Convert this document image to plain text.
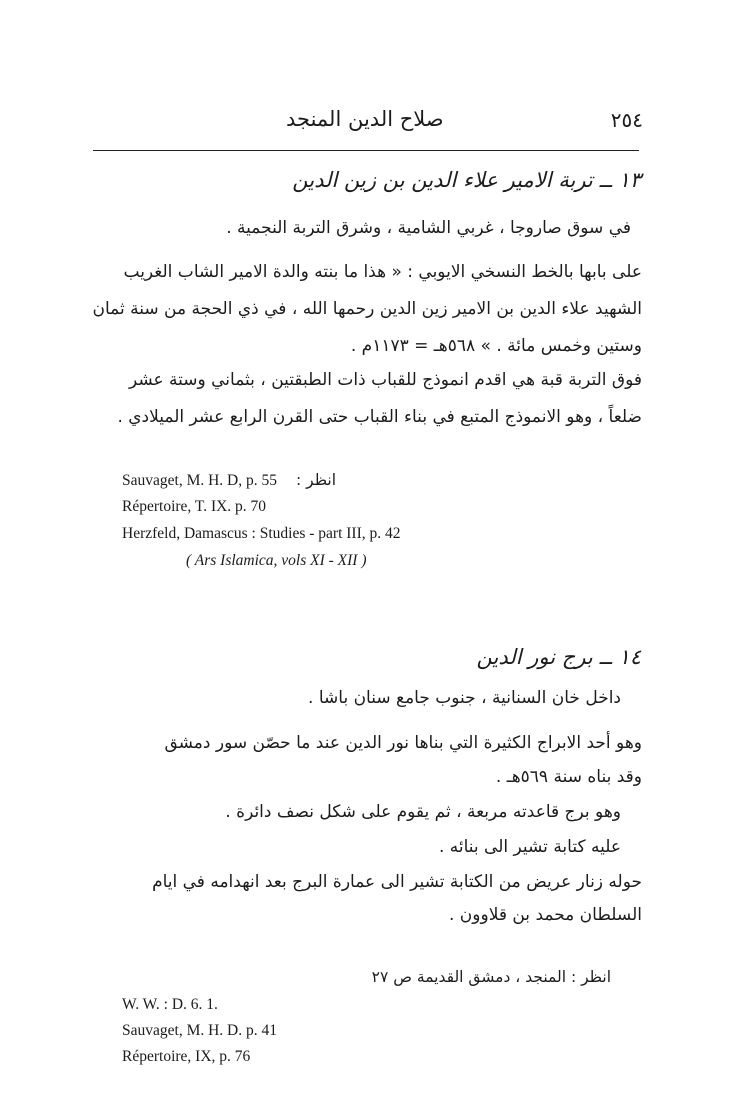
٢٥٤
صلاح الدين المنجد
١٣ ــ تربة الامير علاء الدين بن زين الدين
في سوق صاروجا ، غربي الشامية ، وشرق التربة النجمية .
على بابها بالخط النسخي الايوبي : « هذا ما بنته والدة الامير الشاب الغريب
الشهيد علاء الدين بن الامير زين الدين رحمها الله ، في ذي الحجة من سنة ثمان
وستين وخمس مائة . » ٥٦٨هـ = ١١٧٣م .
فوق التربة قبة هي اقدم انموذج للقباب ذات الطبقتين ، بثماني وستة عشر
ضلعاً ، وهو الانموذج المتبع في بناء القباب حتى القرن الرابع عشر الميلادي .
انظر :
Sauvaget, M. H. D, p. 55
Répertoire, T. IX. p. 70
Herzfeld, Damascus : Studies - part III, p. 42
( Ars Islamica, vols XI - XII )
١٤ ــ برج نور الدين
داخل خان السنانية ، جنوب جامع سنان باشا .
وهو أحد الابراج الكثيرة التي بناها نور الدين عند ما حصّن سور دمشق
وقد بناه سنة ٥٦٩هـ .
وهو برج قاعدته مربعة ، ثم يقوم على شكل نصف دائرة .
عليه كتابة تشير الى بنائه .
حوله زنار عريض من الكتابة تشير الى عمارة البرج بعد انهدامه في ايام
السلطان محمد بن قلاوون .
انظر : المنجد ، دمشق القديمة ص ٢٧
W. W. : D. 6. 1.
Sauvaget, M. H. D. p. 41
Répertoire, IX, p. 76
